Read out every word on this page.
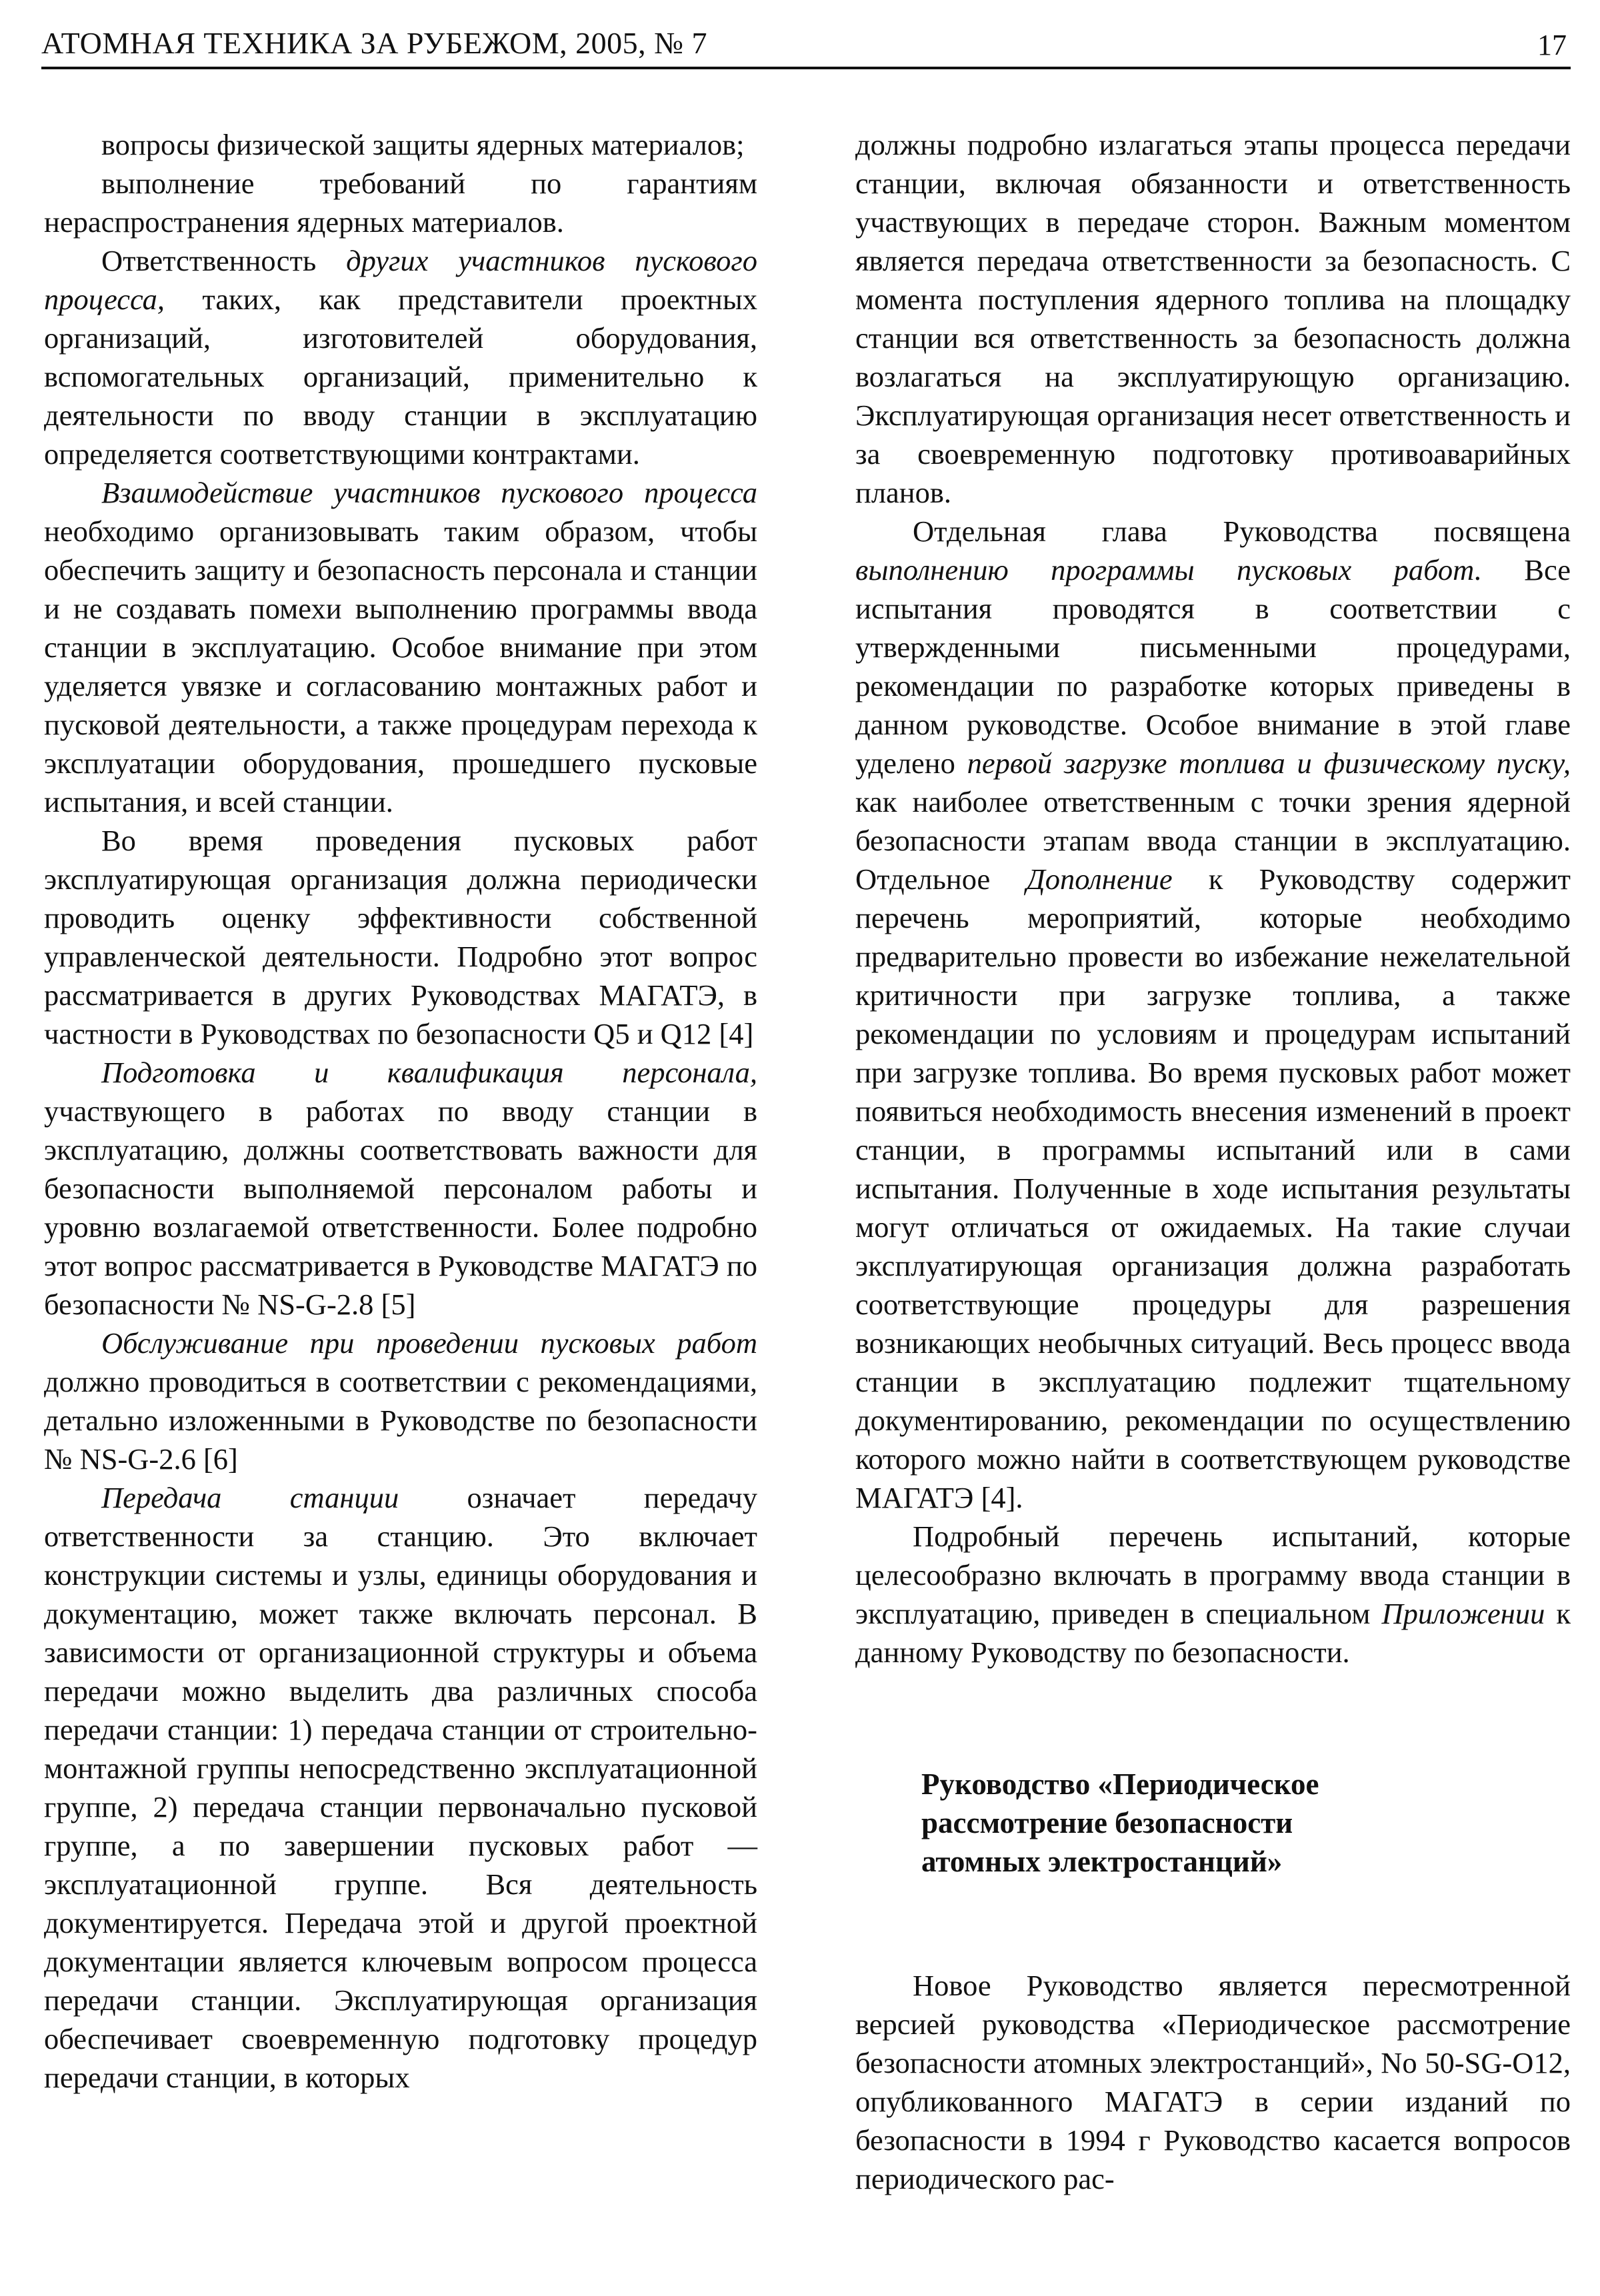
АТОМНАЯ ТЕХНИКА ЗА РУБЕЖОМ, 2005, № 7	17

вопросы физической защиты ядерных материалов;

выполнение требований по гарантиям нераспространения ядерных материалов.

Ответственность других участников пускового процесса, таких, как представители проектных организаций, изготовителей оборудования, вспомогательных организаций, применительно к деятельности по вводу станции в эксплуатацию определяется соответствующими контрактами.

Взаимодействие участников пускового процесса необходимо организовывать таким образом, чтобы обеспечить защиту и безопасность персонала и станции и не создавать помехи выполнению программы ввода станции в эксплуатацию. Особое внимание при этом уделяется увязке и согласованию монтажных работ и пусковой деятельности, а также процедурам перехода к эксплуатации оборудования, прошедшего пусковые испытания, и всей станции.

Во время проведения пусковых работ эксплуатирующая организация должна периодически проводить оценку эффективности собственной управленческой деятельности. Подробно этот вопрос рассматривается в других Руководствах МАГАТЭ, в частности в Руководствах по безопасности Q5 и Q12 [4]

Подготовка и квалификация персонала, участвующего в работах по вводу станции в эксплуатацию, должны соответствовать важности для безопасности выполняемой персоналом работы и уровню возлагаемой ответственности. Более подробно этот вопрос рассматривается в Руководстве МАГАТЭ по безопасности № NS-G-2.8 [5]

Обслуживание при проведении пусковых работ должно проводиться в соответствии с рекомендациями, детально изложенными в Руководстве по безопасности № NS-G-2.6 [6]

Передача станции означает передачу ответственности за станцию. Это включает конструкции системы и узлы, единицы оборудования и документацию, может также включать персонал. В зависимости от организационной структуры и объема передачи можно выделить два различных способа передачи станции: 1) передача станции от строительно-монтажной группы непосредственно эксплуатационной группе, 2) передача станции первоначально пусковой группе, а по завершении пусковых работ — эксплуатационной группе. Вся деятельность документируется. Передача этой и другой проектной документации является ключевым вопросом процесса передачи станции. Эксплуатирующая организация обеспечивает своевременную подготовку процедур передачи станции, в которых

должны подробно излагаться этапы процесса передачи станции, включая обязанности и ответственность участвующих в передаче сторон. Важным моментом является передача ответственности за безопасность. С момента поступления ядерного топлива на площадку станции вся ответственность за безопасность должна возлагаться на эксплуатирующую организацию. Эксплуатирующая организация несет ответственность и за своевременную подготовку противоаварийных планов.

Отдельная глава Руководства посвящена выполнению программы пусковых работ. Все испытания проводятся в соответствии с утвержденными письменными процедурами, рекомендации по разработке которых приведены в данном руководстве. Особое внимание в этой главе уделено первой загрузке топлива и физическому пуску, как наиболее ответственным с точки зрения ядерной безопасности этапам ввода станции в эксплуатацию. Отдельное Дополнение к Руководству содержит перечень мероприятий, которые необходимо предварительно провести во избежание нежелательной критичности при загрузке топлива, а также рекомендации по условиям и процедурам испытаний при загрузке топлива. Во время пусковых работ может появиться необходимость внесения изменений в проект станции, в программы испытаний или в сами испытания. Полученные в ходе испытания результаты могут отличаться от ожидаемых. На такие случаи эксплуатирующая организация должна разработать соответствующие процедуры для разрешения возникающих необычных ситуаций. Весь процесс ввода станции в эксплуатацию подлежит тщательному документированию, рекомендации по осуществлению которого можно найти в соответствующем руководстве МАГАТЭ [4].

Подробный перечень испытаний, которые целесообразно включать в программу ввода станции в эксплуатацию, приведен в специальном Приложении к данному Руководству по безопасности.

Руководство «Периодическое
рассмотрение безопасности
атомных электростанций»

Новое Руководство является пересмотренной версией руководства «Периодическое рассмотрение безопасности атомных электростанций», No 50-SG-O12, опубликованного МАГАТЭ в серии изданий по безопасности в 1994 г Руководство касается вопросов периодического рас-
